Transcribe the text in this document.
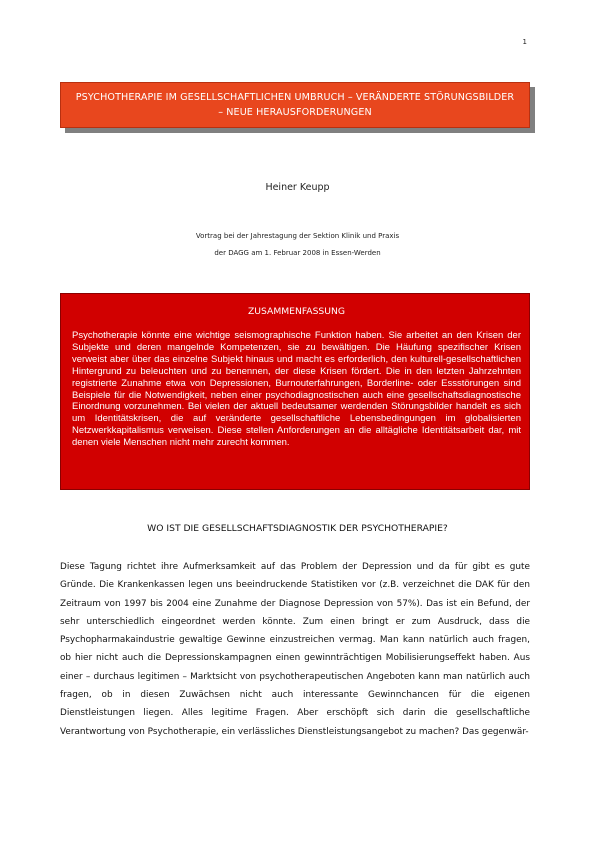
1
PSYCHOTHERAPIE IM GESELLSCHAFTLICHEN UMBRUCH – VERÄNDERTE STÖRUNGSBILDER – NEUE HERAUSFORDERUNGEN
Heiner Keupp
Vortrag bei der Jahrestagung der Sektion Klinik und Praxis
der DAGG am 1. Februar 2008 in Essen-Werden
ZUSAMMENFASSUNG

Psychotherapie könnte eine wichtige seismographische Funktion haben. Sie arbeitet an den Krisen der Subjekte und deren mangelnde Kompetenzen, sie zu bewältigen. Die Häufung spezifischer Krisen verweist aber über das einzelne Subjekt hinaus und macht es erforderlich, den kulturell-gesellschaftlichen Hintergrund zu beleuchten und zu benennen, der diese Krisen fördert. Die in den letzten Jahrzehnten registrierte Zunahme etwa von Depressionen, Burnouterfahrungen, Borderline- oder Essstörungen sind Beispiele für die Notwendigkeit, neben einer psychodiagnostischen auch eine gesellschaftsdiagnostische Einordnung vorzunehmen. Bei vielen der aktuell bedeutsamer werdenden Störungsbilder handelt es sich um Identitätskrisen, die auf veränderte gesellschaftliche Lebensbedingungen im globalisierten Netzwerkkapitalismus verweisen. Diese stellen Anforderungen an die alltägliche Identitätsarbeit dar, mit denen viele Menschen nicht mehr zurecht kommen.

WO IST DIE GESELLSCHAFTSDIAGNOSTIK DER PSYCHOTHERAPIE?

Diese Tagung richtet ihre Aufmerksamkeit auf das Problem der Depression und da für gibt es gute Gründe. Die Krankenkassen legen uns beeindruckende Statistiken vor (z.B. verzeichnet die DAK für den Zeitraum von 1997 bis 2004 eine Zunahme der Diagnose Depression von 57%). Das ist ein Befund, der sehr unterschiedlich eingeordnet werden könnte. Zum einen bringt er zum Ausdruck, dass die Psychopharmakaindustrie gewaltige Gewinne einzustreichen vermag. Man kann natürlich auch fragen, ob hier nicht auch die Depressionskampagnen einen gewinnträchtigen Mobilisierungseffekt haben. Aus einer – durchaus legitimen – Marktsicht von psychotherapeutischen Angeboten kann man natürlich auch fragen, ob in diesen Zuwächsen nicht auch interessante Gewinnchancen für die eigenen Dienstleistungen liegen. Alles legitime Fragen. Aber erschöpft sich darin die gesellschaftliche Verantwortung von Psychotherapie, ein verlässliches Dienstleistungsangebot zu machen? Das gegenwär-
